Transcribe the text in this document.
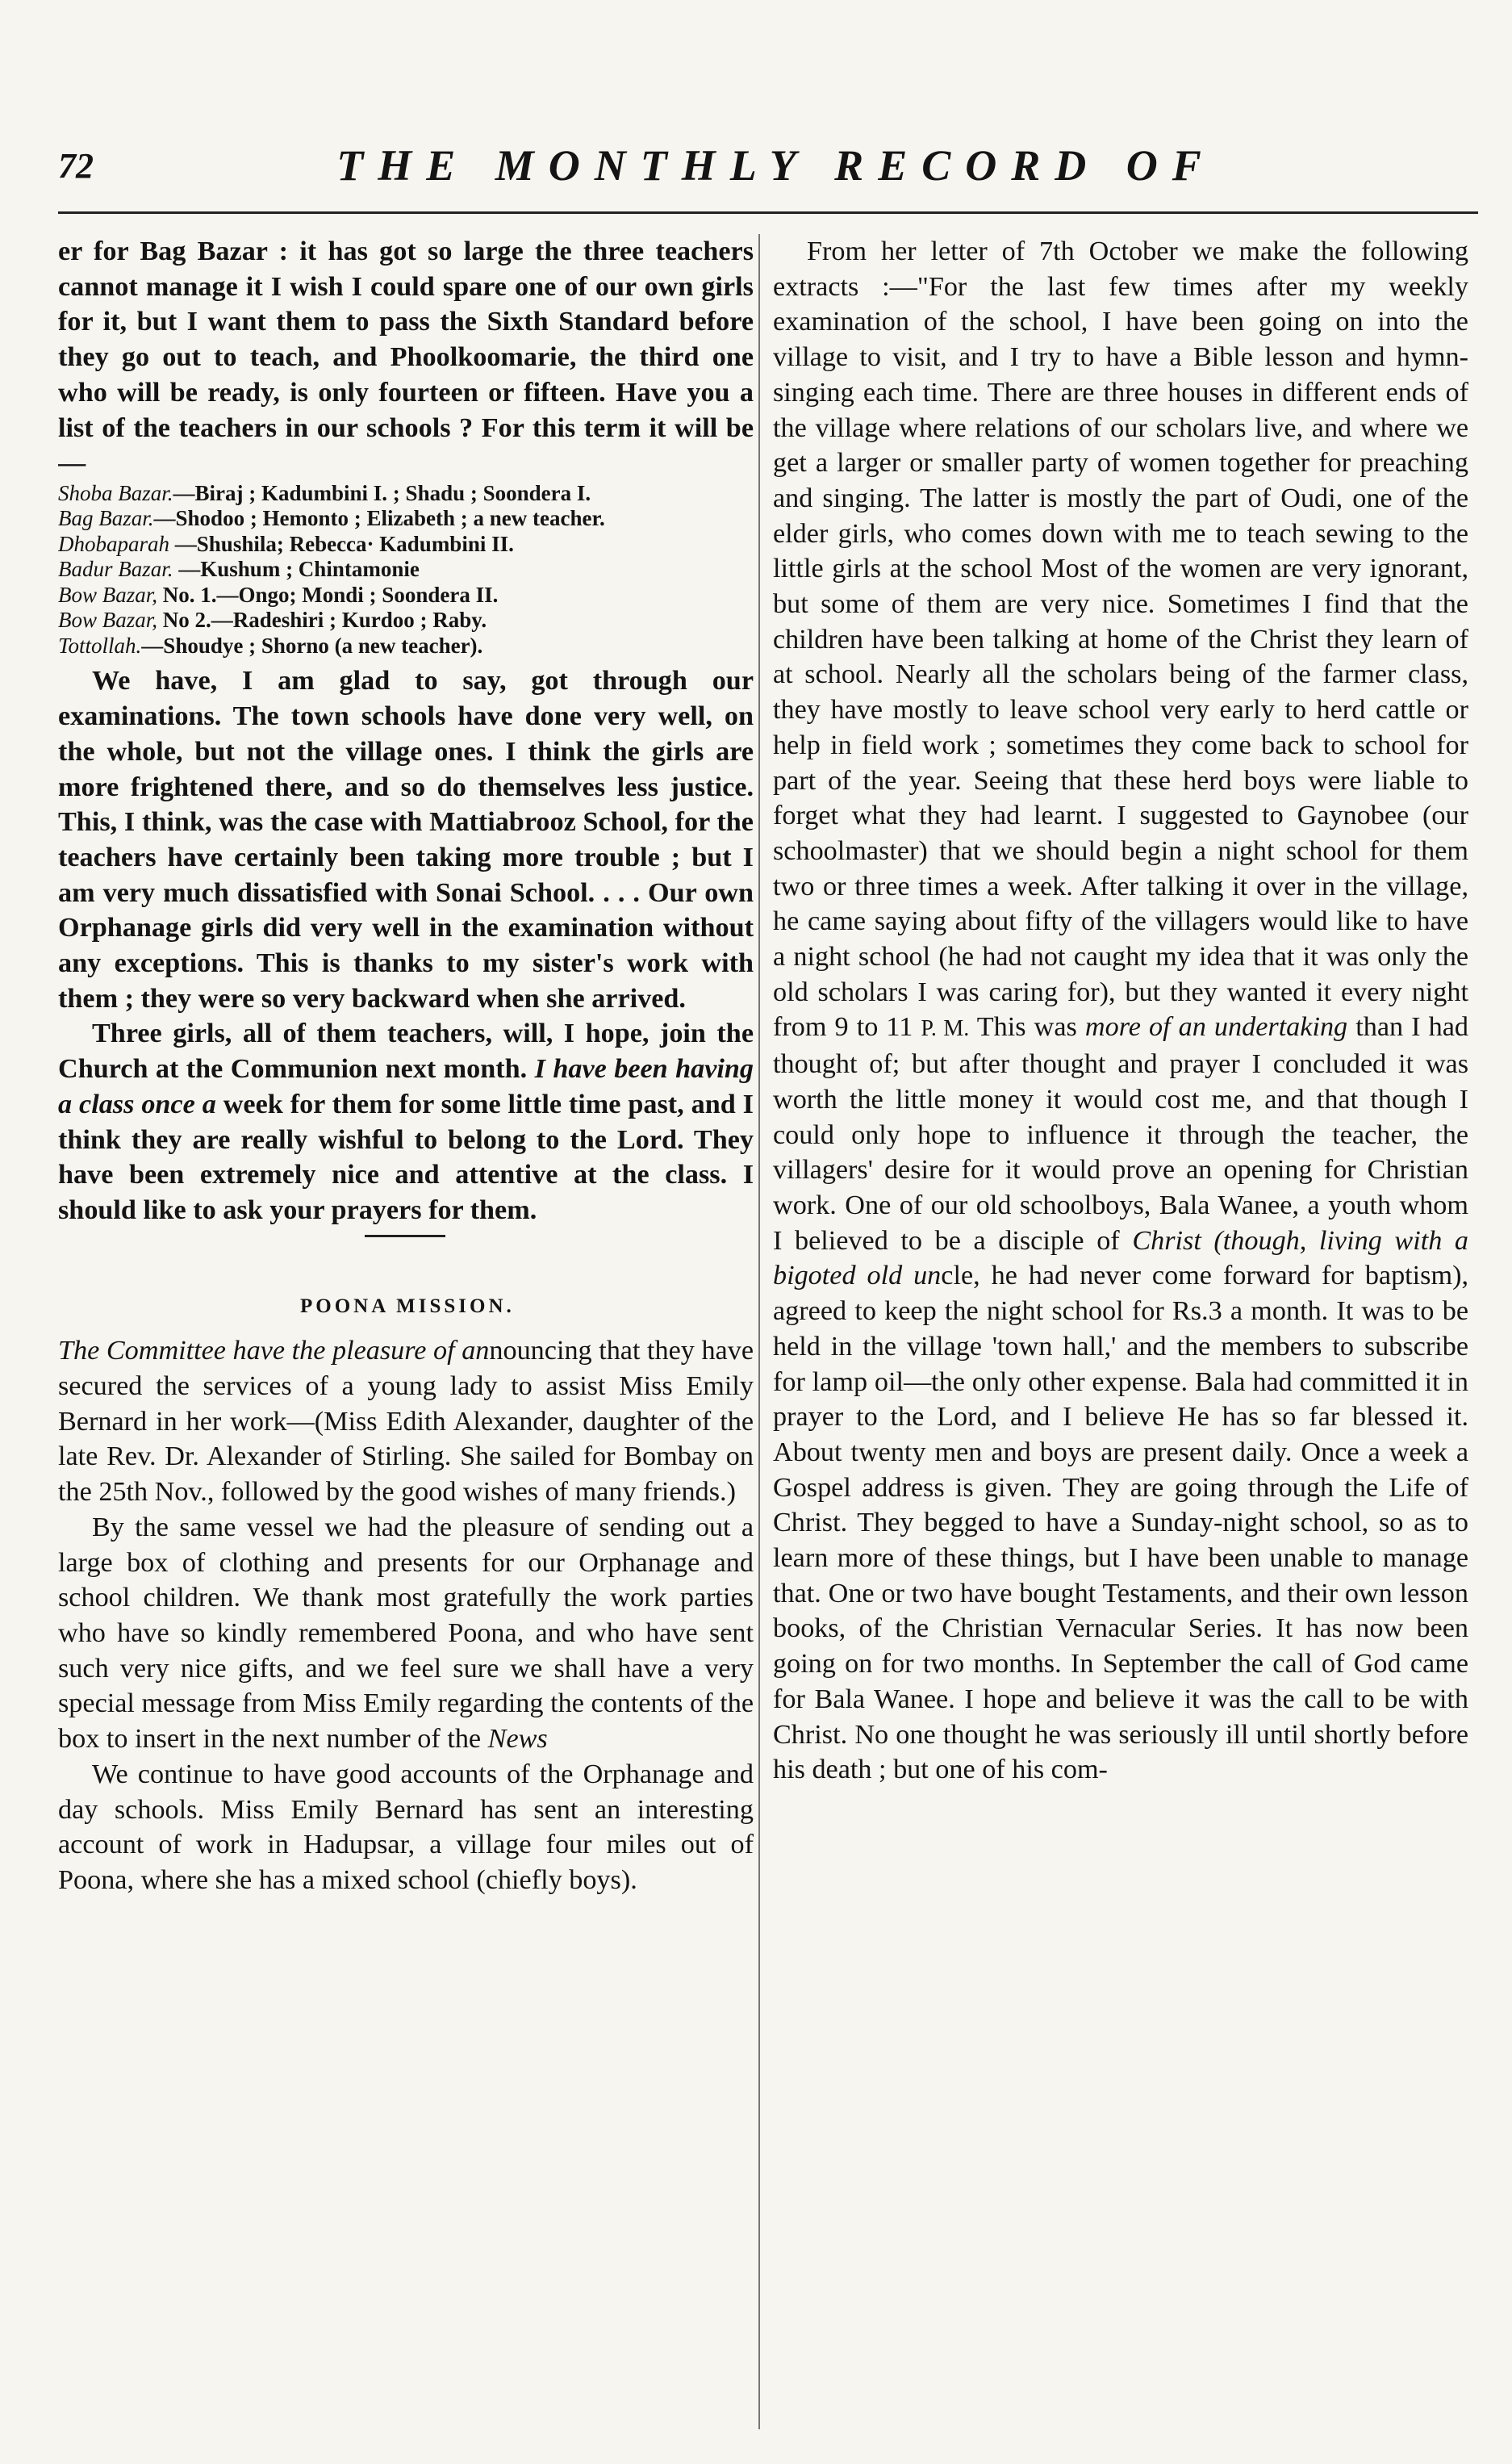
72	THE MONTHLY RECORD OF

er for Bag Bazar : it has got so large the three teachers cannot manage it I wish I could spare one of our own girls for it, but I want them to pass the Sixth Standard before they go out to teach, and Phoolkoomarie, the third one who will be ready, is only fourteen or fifteen. Have you a list of the teachers in our schools ? For this term it will be—

Shoba Bazar.—Biraj ; Kadumbini I. ; Shadu ; Soondera I.
Bag Bazar.—Shodoo ; Hemonto ; Elizabeth ; a new teacher.
Dhobaparah —Shushila; Rebecca· Kadumbini II.
Badur Bazar. —Kushum ; Chintamonie
Bow Bazar, No. 1.—Ongo; Mondi ; Soondera II.
Bow Bazar, No 2.—Radeshiri ; Kurdoo ; Raby.
Tottollah.—Shoudye ; Shorno (a new teacher).

We have, I am glad to say, got through our examinations. The town schools have done very well, on the whole, but not the village ones. I think the girls are more frightened there, and so do themselves less justice. This, I think, was the case with Mattiabrooz School, for the teachers have certainly been taking more trouble ; but I am very much dissatisfied with Sonai School. . . . Our own Orphanage girls did very well in the examination without any exceptions. This is thanks to my sister's work with them ; they were so very backward when she arrived.

Three girls, all of them teachers, will, I hope, join the Church at the Communion next month. I have been having a class once a week for them for some little time past, and I think they are really wishful to belong to the Lord. They have been extremely nice and attentive at the class. I should like to ask your prayers for them.

POONA MISSION.

The Committee have the pleasure of announcing that they have secured the services of a young lady to assist Miss Emily Bernard in her work—(Miss Edith Alexander, daughter of the late Rev. Dr. Alexander of Stirling. She sailed for Bombay on the 25th Nov., followed by the good wishes of many friends.)

By the same vessel we had the pleasure of sending out a large box of clothing and presents for our Orphanage and school children. We thank most gratefully the work parties who have so kindly remembered Poona, and who have sent such very nice gifts, and we feel sure we shall have a very special message from Miss Emily regarding the contents of the box to insert in the next number of the News

We continue to have good accounts of the Orphanage and day schools. Miss Emily Bernard has sent an interesting account of work in Hadupsar, a village four miles out of Poona, where she has a mixed school (chiefly boys).

From her letter of 7th October we make the following extracts :—"For the last few times after my weekly examination of the school, I have been going on into the village to visit, and I try to have a Bible lesson and hymn-singing each time. There are three houses in different ends of the village where relations of our scholars live, and where we get a larger or smaller party of women together for preaching and singing. The latter is mostly the part of Oudi, one of the elder girls, who comes down with me to teach sewing to the little girls at the school Most of the women are very ignorant, but some of them are very nice. Sometimes I find that the children have been talking at home of the Christ they learn of at school. Nearly all the scholars being of the farmer class, they have mostly to leave school very early to herd cattle or help in field work ; sometimes they come back to school for part of the year. Seeing that these herd boys were liable to forget what they had learnt. I suggested to Gaynobee (our schoolmaster) that we should begin a night school for them two or three times a week. After talking it over in the village, he came saying about fifty of the villagers would like to have a night school (he had not caught my idea that it was only the old scholars I was caring for), but they wanted it every night from 9 to 11 P. M. This was more of an undertaking than I had thought of; but after thought and prayer I concluded it was worth the little money it would cost me, and that though I could only hope to influence it through the teacher, the villagers' desire for it would prove an opening for Christian work. One of our old schoolboys, Bala Wanee, a youth whom I believed to be a disciple of Christ (though, living with a bigoted old uncle, he had never come forward for baptism), agreed to keep the night school for Rs.3 a month. It was to be held in the village 'town hall,' and the members to subscribe for lamp oil—the only other expense. Bala had committed it in prayer to the Lord, and I believe He has so far blessed it. About twenty men and boys are present daily. Once a week a Gospel address is given. They are going through the Life of Christ. They begged to have a Sunday-night school, so as to learn more of these things, but I have been unable to manage that. One or two have bought Testaments, and their own lesson books, of the Christian Vernacular Series. It has now been going on for two months. In September the call of God came for Bala Wanee. I hope and believe it was the call to be with Christ. No one thought he was seriously ill until shortly before his death ; but one of his com-
